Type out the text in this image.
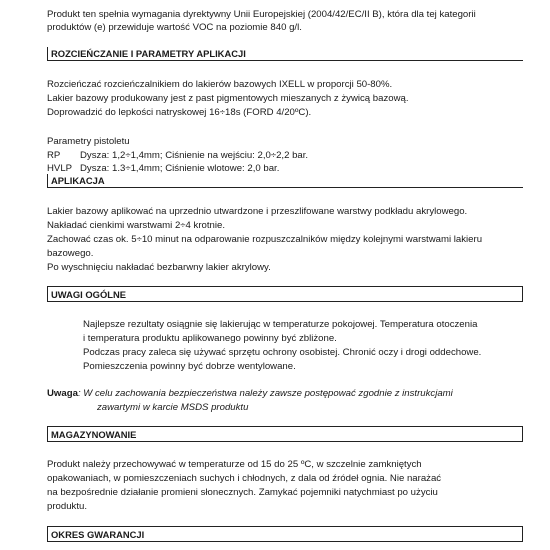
Produkt ten spełnia wymagania dyrektywny Unii Europejskiej (2004/42/EC/II B), która dla tej kategorii
produktów (e) przewiduje wartość VOC na poziomie 840 g/l.
ROZCIEŃCZANIE I PARAMETRY APLIKACJI
Rozcieńczać rozcieńczalnikiem do lakierów bazowych IXELL w proporcji 50-80%.
Lakier bazowy produkowany jest z past pigmentowych mieszanych z żywicą bazową.
Doprowadzić do lepkości natryskowej 16÷18s (FORD 4/20ºC).
Parametry pistoletu
RP Dysza: 1,2÷1,4mm; Ciśnienie na wejściu: 2,0÷2,2 bar.
HVLP Dysza: 1.3÷1,4mm; Ciśnienie wlotowe: 2,0 bar.
APLIKACJA
Lakier bazowy aplikować na uprzednio utwardzone i przeszlifowane warstwy podkładu akrylowego.
Nakładać cienkimi warstwami 2÷4 krotnie.
Zachować czas ok. 5÷10 minut na odparowanie rozpuszczalników między kolejnymi warstwami lakieru
bazowego.
Po wyschnięciu nakładać bezbarwny lakier akrylowy.
UWAGI OGÓLNE
Najlepsze rezultaty osiągnie się lakierując w temperaturze pokojowej. Temperatura otoczenia
i temperatura produktu aplikowanego powinny być zbliżone.
Podczas pracy zaleca się używać sprzętu ochrony osobistej. Chronić oczy i drogi oddechowe.
Pomieszczenia powinny być dobrze wentylowane.
Uwaga: W celu zachowania bezpieczeństwa należy zawsze postępować zgodnie z instrukcjami
zawartymi w karcie MSDS produktu
MAGAZYNOWANIE
Produkt należy przechowywać w temperaturze od 15 do 25 ºC, w szczelnie zamkniętych
opakowaniach, w pomieszczeniach suchych i chłodnych, z dala od źródeł ognia. Nie narażać
na bezpośrednie działanie promieni słonecznych. Zamykać pojemniki natychmiast po użyciu
produktu.
OKRES GWARANCJI
